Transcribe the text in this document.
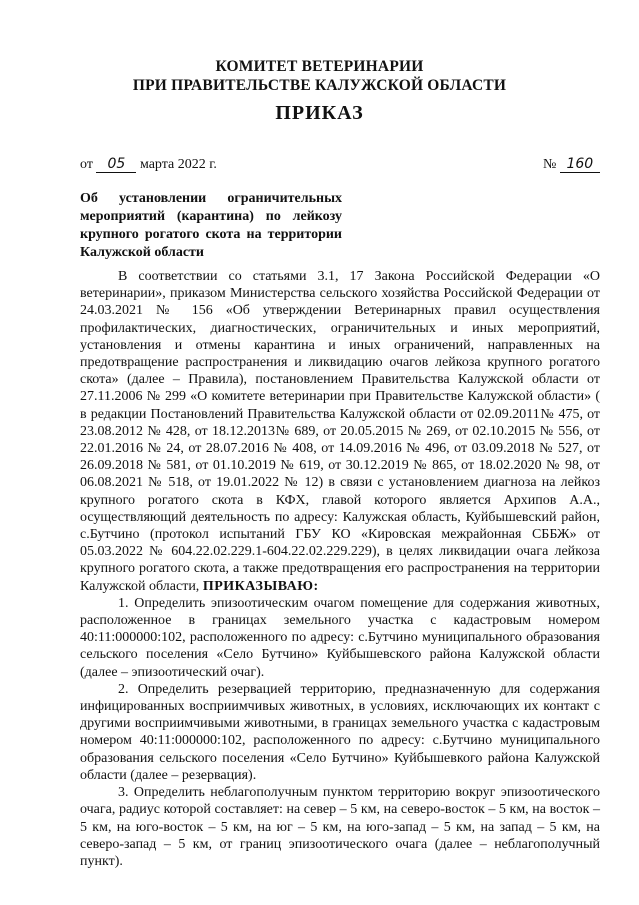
КОМИТЕТ ВЕТЕРИНАРИИ
ПРИ ПРАВИТЕЛЬСТВЕ КАЛУЖСКОЙ ОБЛАСТИ
ПРИКАЗ
от 05 марта 2022 г.	№ 160
Об установлении ограничительных мероприятий (карантина) по лейкозу крупного рогатого скота на территории Калужской области

В соответствии со статьями 3.1, 17 Закона Российской Федерации «О ветеринарии», приказом Министерства сельского хозяйства Российской Федерации от 24.03.2021 № 156 «Об утверждении Ветеринарных правил осуществления профилактических, диагностических, ограничительных и иных мероприятий, установления и отмены карантина и иных ограничений, направленных на предотвращение распространения и ликвидацию очагов лейкоза крупного рогатого скота» (далее – Правила), постановлением Правительства Калужской области от 27.11.2006 № 299 «О комитете ветеринарии при Правительстве Калужской области» ( в редакции Постановлений Правительства Калужской области от 02.09.2011№ 475, от 23.08.2012 № 428, от 18.12.2013№ 689, от 20.05.2015 № 269, от 02.10.2015 № 556, от 22.01.2016 № 24, от 28.07.2016 № 408, от 14.09.2016 № 496, от 03.09.2018 № 527, от 26.09.2018 № 581, от 01.10.2019 № 619, от 30.12.2019 № 865, от 18.02.2020 № 98, от 06.08.2021 № 518, от 19.01.2022 № 12) в связи с установлением диагноза на лейкоз крупного рогатого скота в КФХ, главой которого является Архипов А.А., осуществляющий деятельность по адресу: Калужская область, Куйбышевский район, с.Бутчино (протокол испытаний ГБУ КО «Кировская межрайонная СББЖ» от 05.03.2022 № 604.22.02.229.1-604.22.02.229.229), в целях ликвидации очага лейкоза крупного рогатого скота, а также предотвращения его распространения на территории Калужской области, ПРИКАЗЫВАЮ:

1. Определить эпизоотическим очагом помещение для содержания животных, расположенное в границах земельного участка с кадастровым номером 40:11:000000:102, расположенного по адресу: с.Бутчино муниципального образования сельского поселения «Село Бутчино» Куйбышевского района Калужской области (далее – эпизоотический очаг).

2. Определить резервацией территорию, предназначенную для содержания инфицированных восприимчивых животных, в условиях, исключающих их контакт с другими восприимчивыми животными, в границах земельного участка с кадастровым номером 40:11:000000:102, расположенного по адресу: с.Бутчино муниципального образования сельского поселения «Село Бутчино» Куйбышевкого района Калужской области (далее – резервация).

3. Определить неблагополучным пунктом территорию вокруг эпизоотического очага, радиус которой составляет: на север – 5 км, на северо-восток – 5 км, на восток – 5 км, на юго-восток – 5 км, на юг – 5 км, на юго-запад – 5 км, на запад – 5 км, на северо-запад – 5 км, от границ эпизоотического очага (далее – неблагополучный пункт).
